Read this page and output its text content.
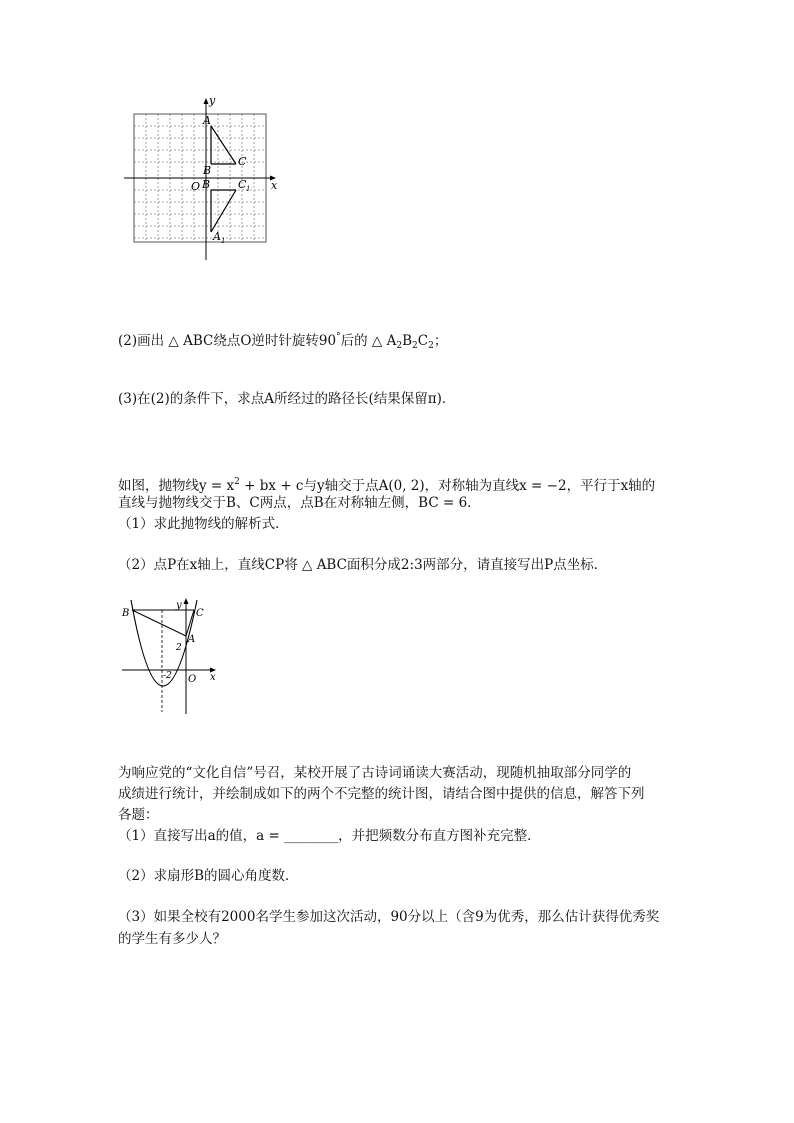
A
B
C
O B	C 1
A 1
x
y
(2)画出 △ ABC绕点O逆时针旋转90°后的 △ $A_2B_2C_2$；
(3)在(2)的条件下，求点A所经过的路径长(结果保留π)．
如图，抛物线$y = x^2$ + bx + c与y轴交于点A(0, 2)，对称轴为直线x = −2，平行于x轴的
直线与抛物线交于B、C两点，点B在对称轴左侧，BC = 6．
（1）求此抛物线的解析式．
（2）点P在x轴上，直线CP将 △ ABC面积分成2:3两部分，请直接写出P点坐标．
B	C
A
y
x
O
2
-2
为响应党的“文化自信”号召，某校开展了古诗词诵读大赛活动，现随机抽取部分同学的
成绩进行统计，并绘制成如下的两个不完整的统计图，请结合图中提供的信息，解答下列
各题：
（1）直接写出a的值，a = ________，并把频数分布直方图补充完整．
（2）求扇形B的圆心角度数．
（3）如果全校有2000名学生参加这次活动，90分以上（含9为优秀，那么估计获得优秀奖
的学生有多少人？
